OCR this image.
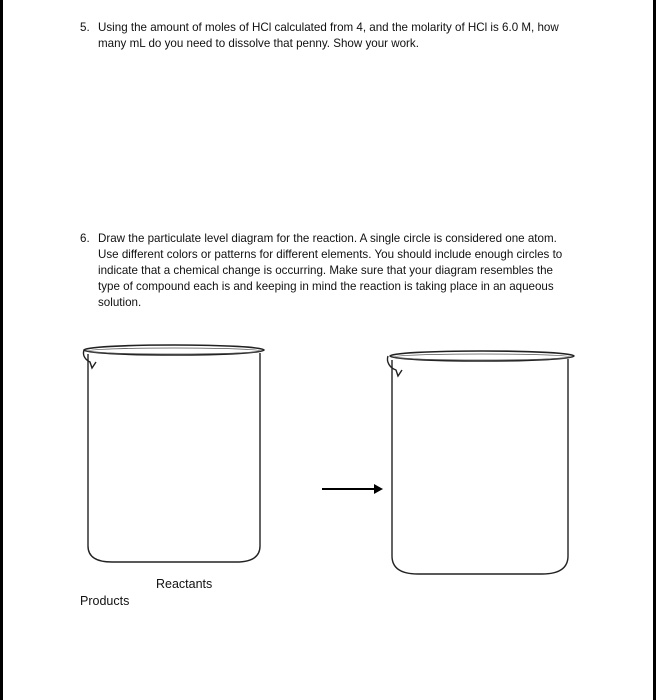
5. Using the amount of moles of HCl calculated from 4, and the molarity of HCl is 6.0 M, how
many mL do you need to dissolve that penny. Show your work.
6. Draw the particulate level diagram for the reaction. A single circle is considered one atom.
Use different colors or patterns for different elements. You should include enough circles to
indicate that a chemical change is occurring. Make sure that your diagram resembles the
type of compound each is and keeping in mind the reaction is taking place in an aqueous
solution.
Reactants
Products
